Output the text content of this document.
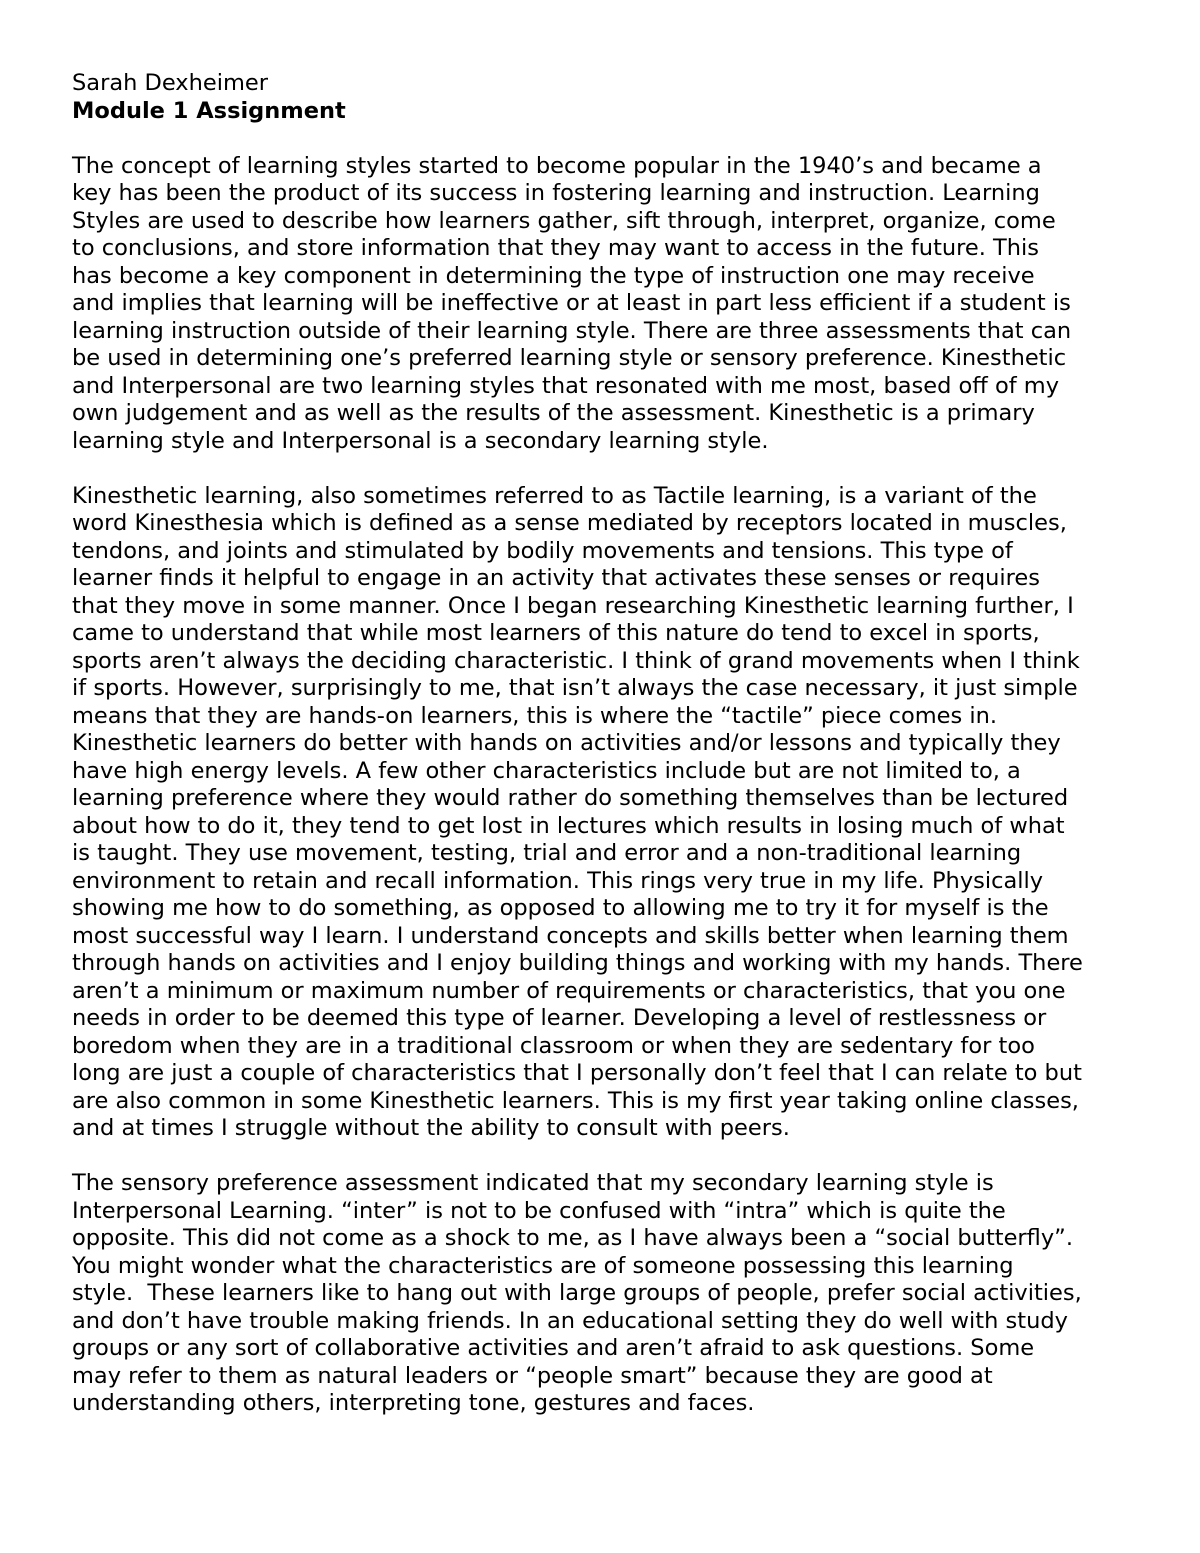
Sarah Dexheimer
Module 1 Assignment
The concept of learning styles started to become popular in the 1940’s and became a
key has been the product of its success in fostering learning and instruction. Learning
Styles are used to describe how learners gather, sift through, interpret, organize, come
to conclusions, and store information that they may want to access in the future. This
has become a key component in determining the type of instruction one may receive
and implies that learning will be ineffective or at least in part less efficient if a student is
learning instruction outside of their learning style. There are three assessments that can
be used in determining one’s preferred learning style or sensory preference. Kinesthetic
and Interpersonal are two learning styles that resonated with me most, based off of my
own judgement and as well as the results of the assessment. Kinesthetic is a primary
learning style and Interpersonal is a secondary learning style.
Kinesthetic learning, also sometimes referred to as Tactile learning, is a variant of the
word Kinesthesia which is defined as a sense mediated by receptors located in muscles,
tendons, and joints and stimulated by bodily movements and tensions. This type of
learner finds it helpful to engage in an activity that activates these senses or requires
that they move in some manner. Once I began researching Kinesthetic learning further, I
came to understand that while most learners of this nature do tend to excel in sports,
sports aren’t always the deciding characteristic. I think of grand movements when I think
if sports. However, surprisingly to me, that isn’t always the case necessary, it just simple
means that they are hands-on learners, this is where the “tactile” piece comes in.
Kinesthetic learners do better with hands on activities and/or lessons and typically they
have high energy levels. A few other characteristics include but are not limited to, a
learning preference where they would rather do something themselves than be lectured
about how to do it, they tend to get lost in lectures which results in losing much of what
is taught. They use movement, testing, trial and error and a non-traditional learning
environment to retain and recall information. This rings very true in my life. Physically
showing me how to do something, as opposed to allowing me to try it for myself is the
most successful way I learn. I understand concepts and skills better when learning them
through hands on activities and I enjoy building things and working with my hands. There
aren’t a minimum or maximum number of requirements or characteristics, that you one
needs in order to be deemed this type of learner. Developing a level of restlessness or
boredom when they are in a traditional classroom or when they are sedentary for too
long are just a couple of characteristics that I personally don’t feel that I can relate to but
are also common in some Kinesthetic learners. This is my first year taking online classes,
and at times I struggle without the ability to consult with peers.
The sensory preference assessment indicated that my secondary learning style is
Interpersonal Learning. “inter” is not to be confused with “intra” which is quite the
opposite. This did not come as a shock to me, as I have always been a “social butterfly”.
You might wonder what the characteristics are of someone possessing this learning
style.  These learners like to hang out with large groups of people, prefer social activities,
and don’t have trouble making friends. In an educational setting they do well with study
groups or any sort of collaborative activities and aren’t afraid to ask questions. Some
may refer to them as natural leaders or “people smart” because they are good at
understanding others, interpreting tone, gestures and faces.
